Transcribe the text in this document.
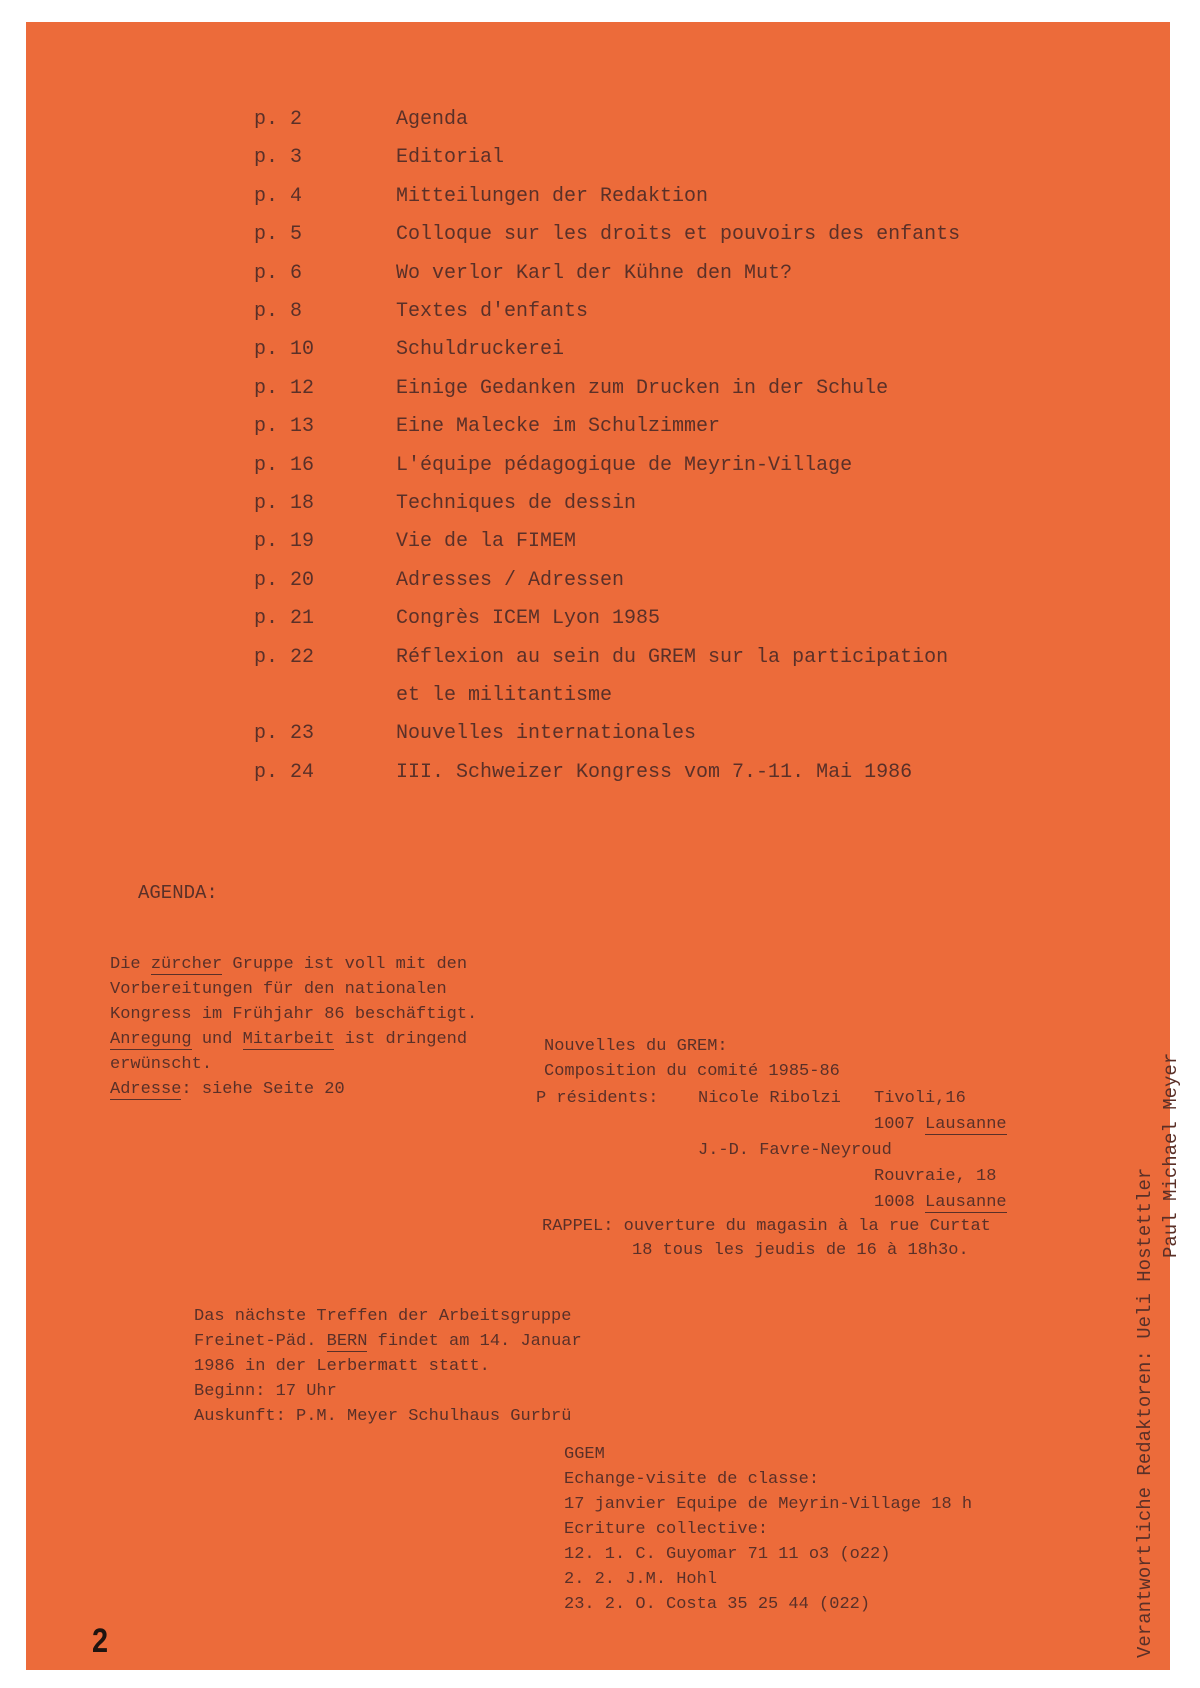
p. 2	Agenda
p. 3	Editorial
p. 4	Mitteilungen der Redaktion
p. 5	Colloque sur les droits et pouvoirs des enfants
p. 6	Wo verlor Karl der Kühne den Mut?
p. 8	Textes d'enfants
p. 10	Schuldruckerei
p. 12	Einige Gedanken zum Drucken in der Schule
p. 13	Eine Malecke im Schulzimmer
p. 16	L'équipe pédagogique de Meyrin-Village
p. 18	Techniques de dessin
p. 19	Vie de la FIMEM
p. 20	Adresses / Adressen
p. 21	Congrès ICEM Lyon 1985
p. 22	Réflexion au sein du GREM sur la participation
et le militantisme
p. 23	Nouvelles internationales
p. 24	III. Schweizer Kongress vom 7.-11. Mai 1986
AGENDA:
Die zürcher Gruppe ist voll mit den
Vorbereitungen für den nationalen
Kongress im Frühjahr 86 beschäftigt.
Anregung und Mitarbeit ist dringend
erwünscht.
Adresse: siehe Seite 20
Nouvelles du GREM:
Composition du comité 1985-86
P résidents: Nicole Ribolzi Tivoli,16
1007 Lausanne
J.-D. Favre-Neyroud
Rouvraie, 18
1008 Lausanne
RAPPEL: ouverture du magasin à la rue Curtat
18 tous les jeudis de 16 à 18h3o.
Das nächste Treffen der Arbeitsgruppe
Freinet-Päd. BERN findet am 14. Januar
1986 in der Lerbermatt statt.
Beginn: 17 Uhr
Auskunft: P.M. Meyer Schulhaus Gurbrü
GGEM
Echange-visite de classe:
17 janvier Equipe de Meyrin-Village 18 h
Ecriture collective:
12. 1. C. Guyomar 71 11 o3 (o22)
2. 2. J.M. Hohl
23. 2. O. Costa 35 25 44 (022)	Verantwortliche Redaktoren: Ueli Hostettler
Paul Michael Meyer
2
